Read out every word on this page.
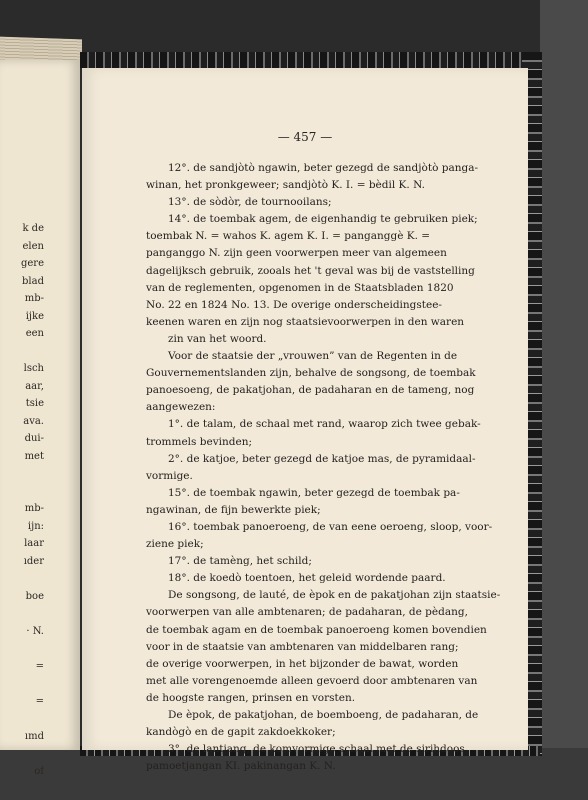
k de
elen
gere
blad
mb-
ijke
een
lsch
aar,
tsie
ava.
dui-
met
mb-
ijn:
laar
ıder
boe
· N.
=
=
ımd
of
— 457 —
12°. de sandjòtò ngawin, beter gezegd de sandjòtò panga-
winan, het pronkgeweer; sandjòtò K. I. = bèdil K. N.
13°. de sòdòr, de tournooilans;
14°. de toembak agem, de eigenhandig te gebruiken piek;
toembak N. = wahos K. agem K. I. = panganggè K. =
panganggo N. zijn geen voorwerpen meer van algemeen
dagelijksch gebruik, zooals het 't geval was bij de vaststelling
van de reglementen, opgenomen in de Staatsbladen 1820
No. 22 en 1824 No. 13. De overige onderscheidingstee-
keenen waren en zijn nog staatsievoorwerpen in den waren
zin van het woord.
Voor de staatsie der „vrouwen” van de Regenten in de
Gouvernementslanden zijn, behalve de songsong, de toembak
panoesoeng, de pakatjohan, de padaharan en de tameng, nog
aangewezen:
1°. de talam, de schaal met rand, waarop zich twee gebak-
trommels bevinden;
2°. de katjoe, beter gezegd de katjoe mas, de pyramidaal-
vormige.
15°. de toembak ngawin, beter gezegd de toembak pa-
ngawinan, de fijn bewerkte piek;
16°. toembak panoeroeng, de van eene oeroeng, sloop, voor-
ziene piek;
17°. de tamèng, het schild;
18°. de koedò toentoen, het geleid wordende paard.
De songsong, de lauté, de èpok en de pakatjohan zijn staatsie-
voorwerpen van alle ambtenaren; de padaharan, de pèdang,
de toembak agam en de toembak panoeroeng komen bovendien
voor in de staatsie van ambtenaren van middelbaren rang;
de overige voorwerpen, in het bijzonder de bawat, worden
met alle vorengenoemde alleen gevoerd door ambtenaren van
de hoogste rangen, prinsen en vorsten.
De èpok, de pakatjohan, de boemboeng, de padaharan, de
kandògò en de gapit zakdoekkoker;
3°. de lantjang, de komvormige schaal met de sirihdoos,
pamoetjangan KI. pakinangan K. N.
